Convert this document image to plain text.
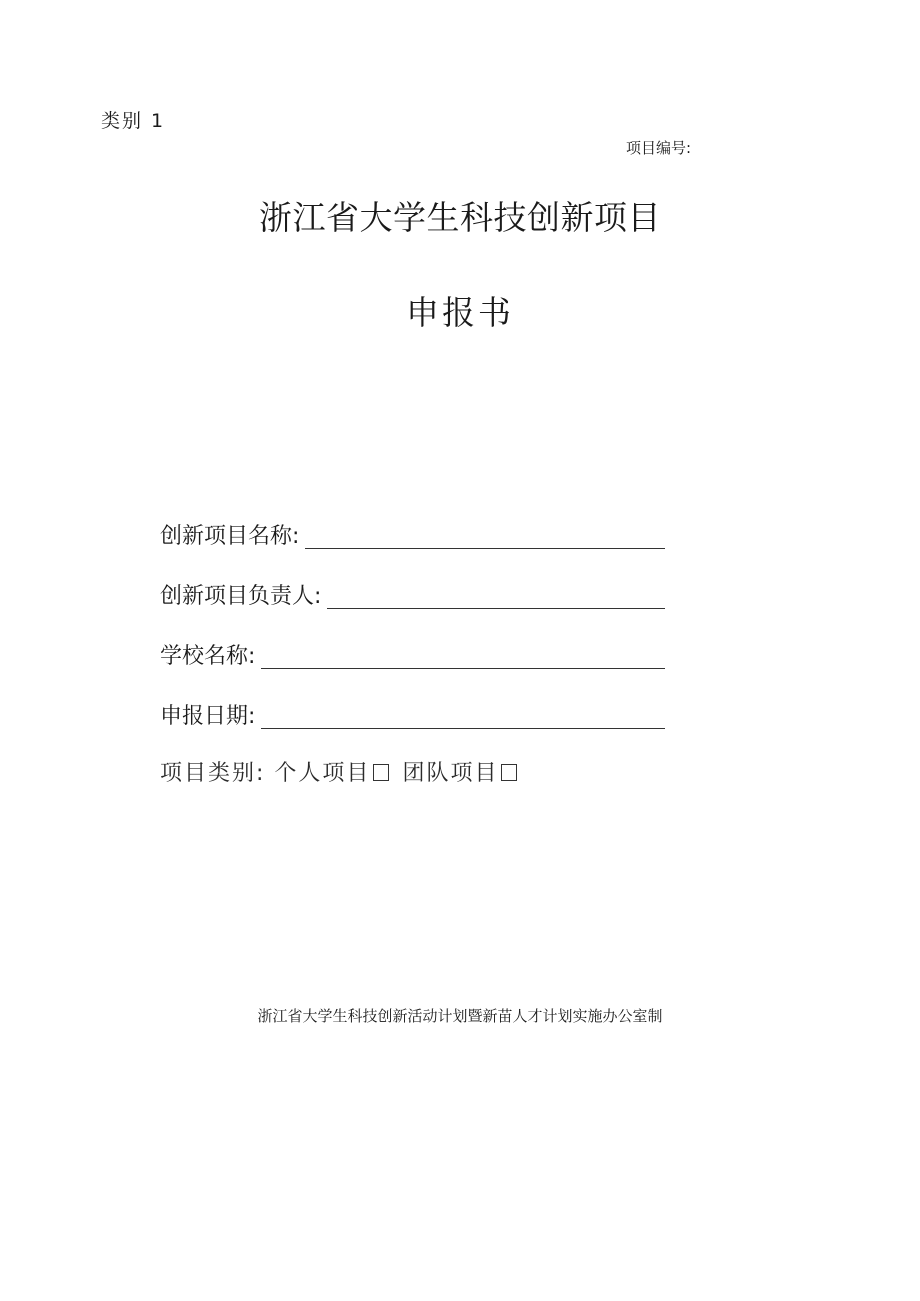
类别 1
项目编号:
浙江省大学生科技创新项目
申报书
创新项目名称:
创新项目负责人:
学校名称:
申报日期:
项目类别: 个人项目 团队项目
浙江省大学生科技创新活动计划暨新苗人才计划实施办公室制
